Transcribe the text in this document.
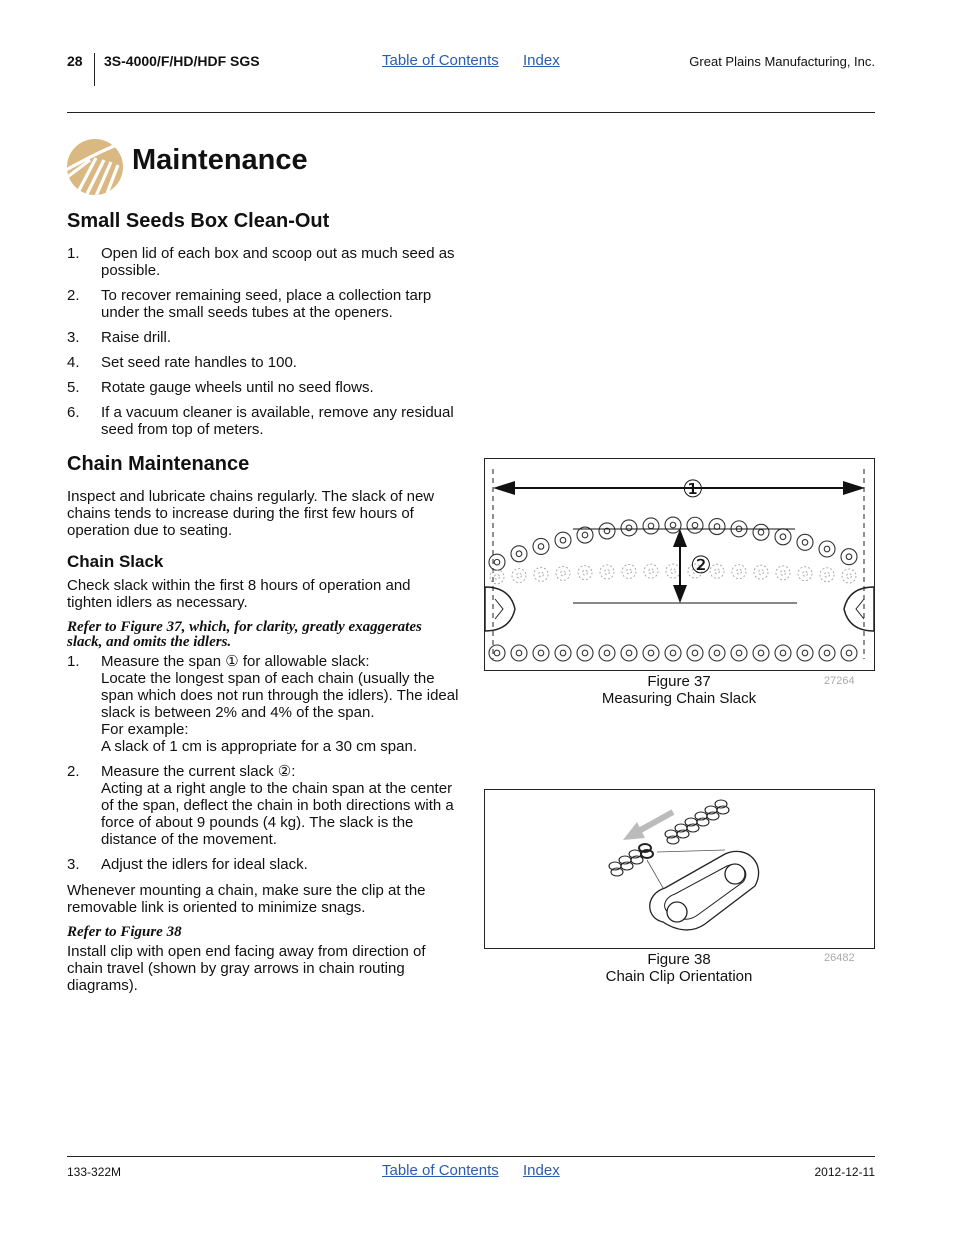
28 3S-4000/F/HD/HDF SGS	Table of Contents Index	Great Plains Manufacturing, Inc.
Maintenance
Small Seeds Box Clean-Out
1. Open lid of each box and scoop out as much seed as possible.
2. To recover remaining seed, place a collection tarp under the small seeds tubes at the openers.
3. Raise drill.
4. Set seed rate handles to 100.
5. Rotate gauge wheels until no seed flows.
6. If a vacuum cleaner is available, remove any residual seed from top of meters.
Chain Maintenance

Inspect and lubricate chains regularly. The slack of new chains tends to increase during the first few hours of operation due to seating.

Chain Slack

Check slack within the first 8 hours of operation and tighten idlers as necessary.

Refer to Figure 37, which, for clarity, greatly exaggerates slack, and omits the idlers.

1. Measure the span ① for allowable slack:
Locate the longest span of each chain (usually the span which does not run through the idlers). The ideal slack is between 2% and 4% of the span.
For example:
A slack of 1 cm is appropriate for a 30 cm span.
2. Measure the current slack ②:
Acting at a right angle to the chain span at the center of the span, deflect the chain in both directions with a force of about 9 pounds (4 kg). The slack is the distance of the movement.
3. Adjust the idlers for ideal slack.

Whenever mounting a chain, make sure the clip at the removable link is oriented to minimize snags.

Refer to Figure 38

Install clip with open end facing away from direction of chain travel (shown by gray arrows in chain routing diagrams).

①
②
Figure 37
Measuring Chain Slack
27264
Figure 38
Chain Clip Orientation
26482
133-322M	Table of Contents Index	2012-12-11
